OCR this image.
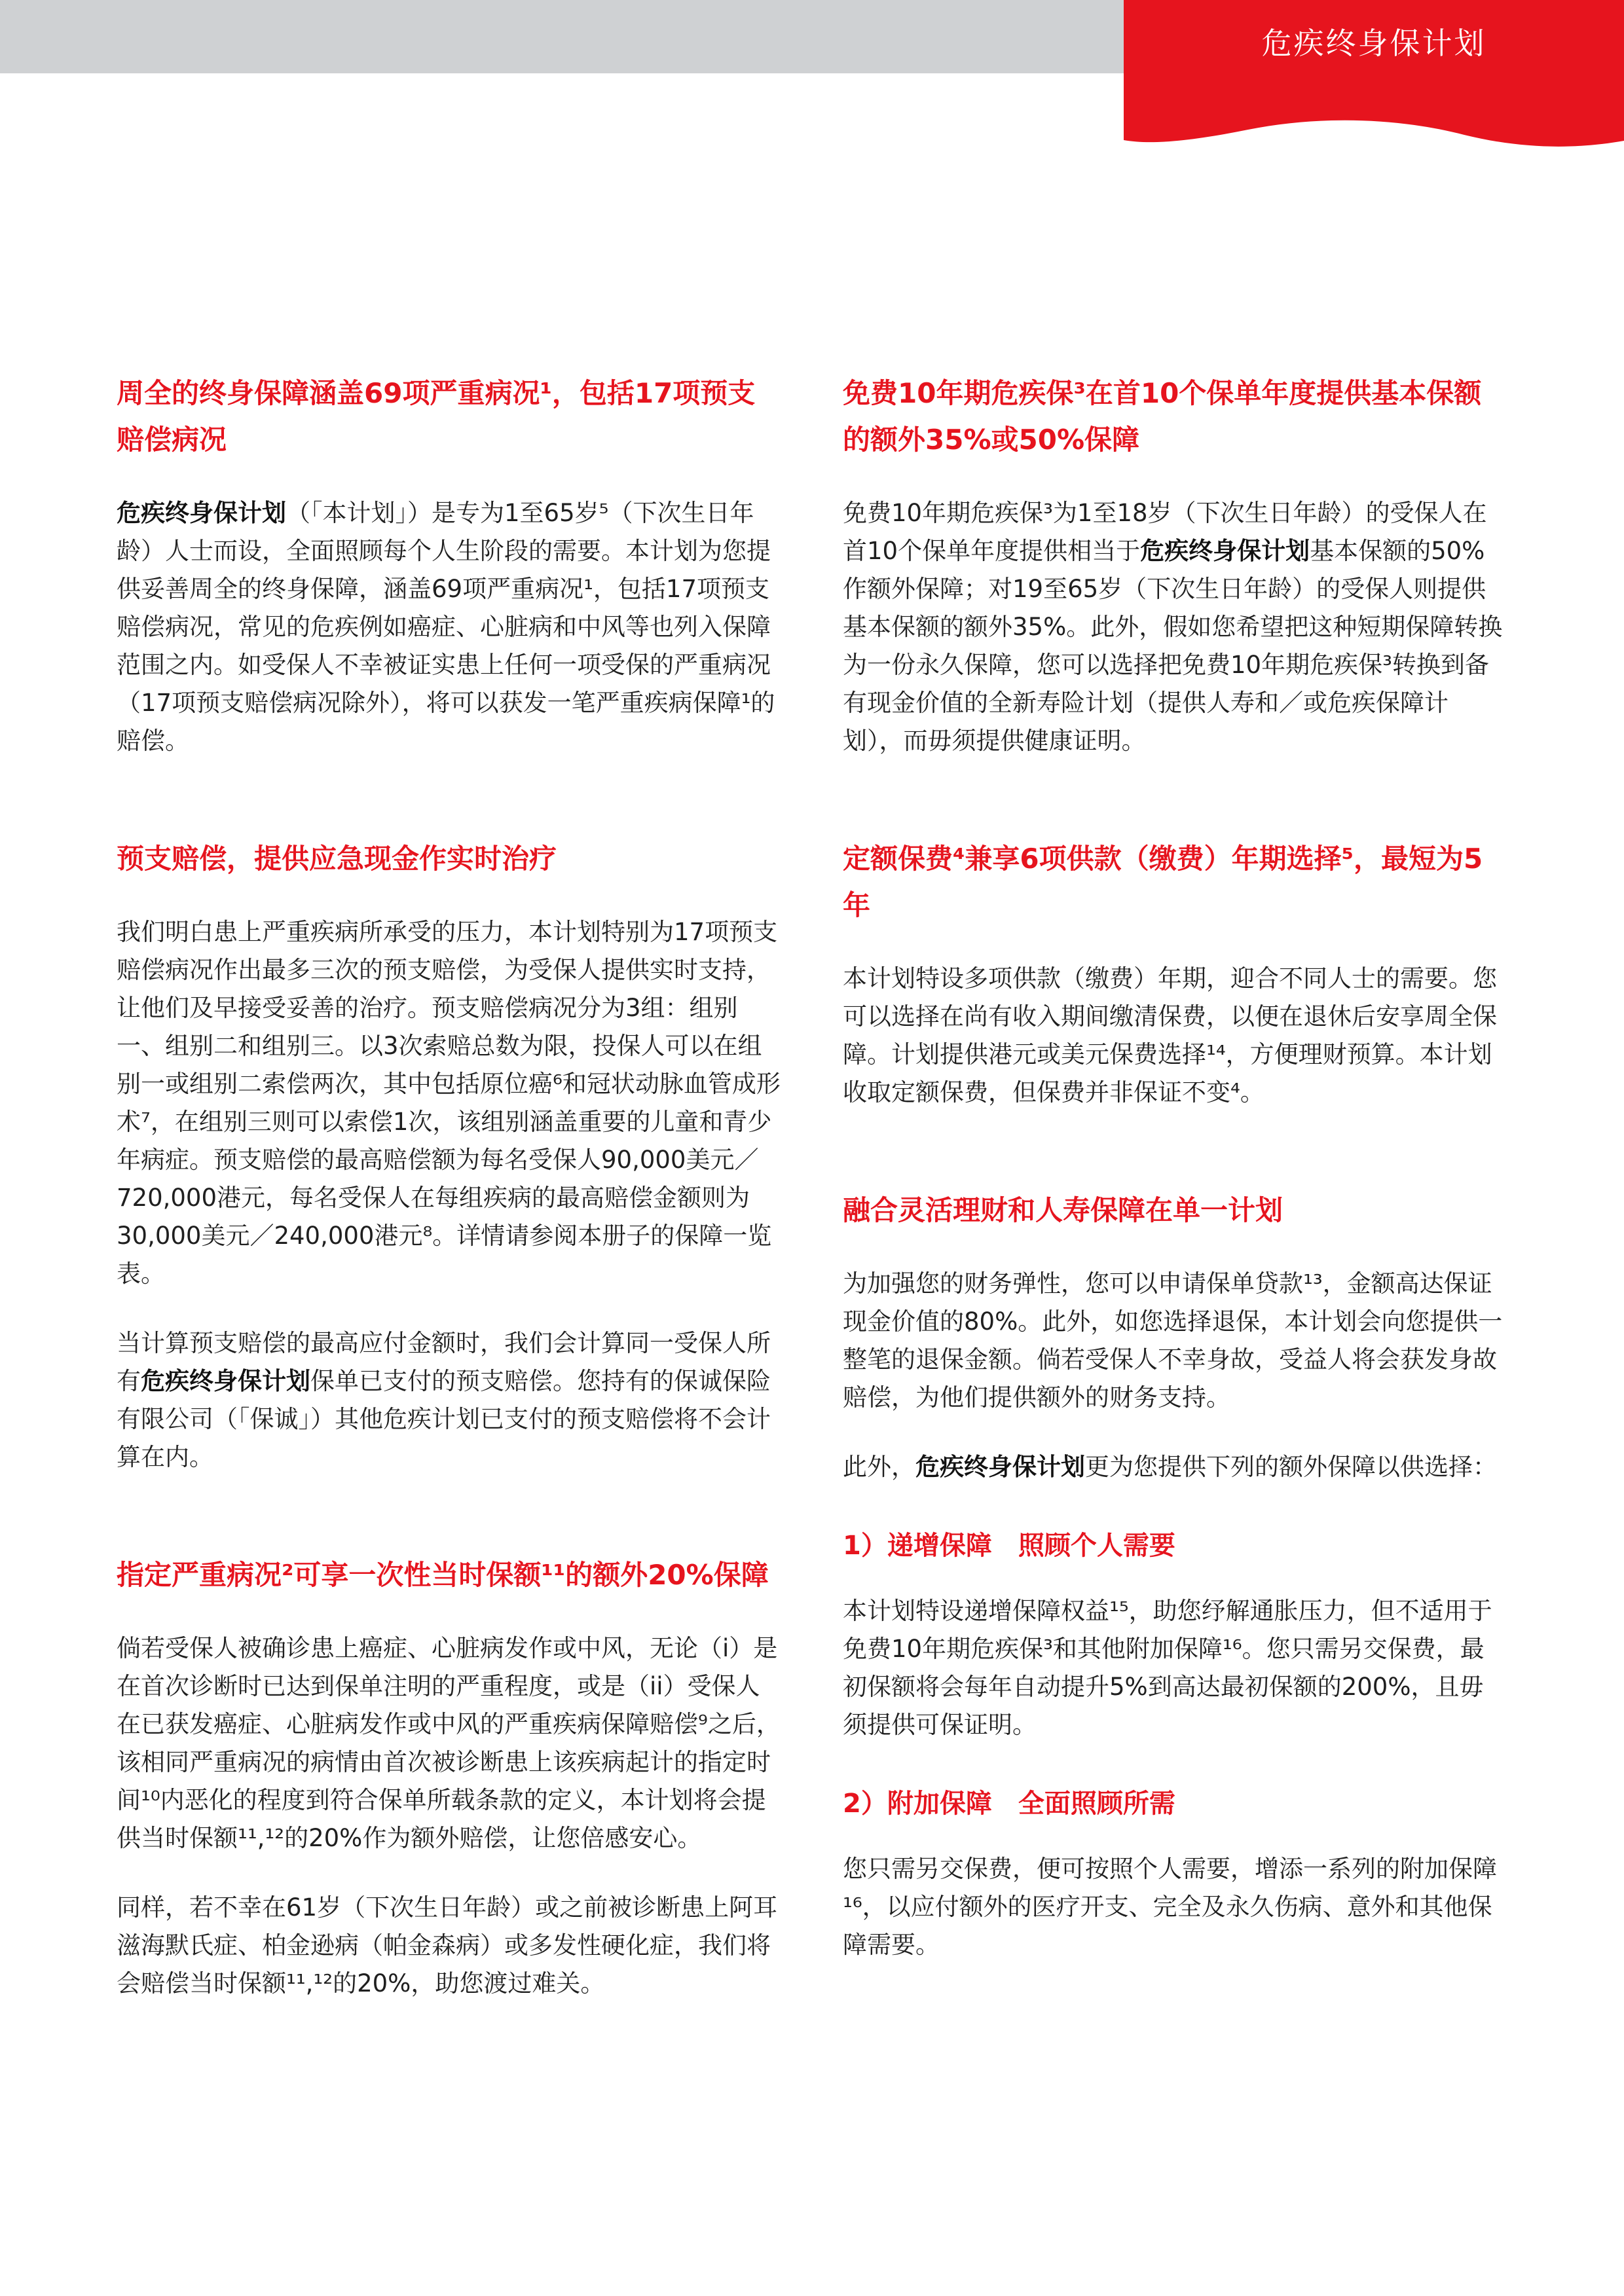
危疾终身保计划
周全的终身保障涵盖69项严重病况¹，包括17项预支赔偿病况

危疾终身保计划（「本计划」）是专为1至65岁⁵（下次生日年龄）人士而设，全面照顾每个人生阶段的需要。本计划为您提供妥善周全的终身保障，涵盖69项严重病况¹，包括17项预支赔偿病况，常见的危疾例如癌症、心脏病和中风等也列入保障范围之内。如受保人不幸被证实患上任何一项受保的严重病况（17项预支赔偿病况除外），将可以获发一笔严重疾病保障¹的赔偿。

预支赔偿，提供应急现金作实时治疗

我们明白患上严重疾病所承受的压力，本计划特别为17项预支赔偿病况作出最多三次的预支赔偿，为受保人提供实时支持，让他们及早接受妥善的治疗。预支赔偿病况分为3组：组别一、组别二和组别三。以3次索赔总数为限，投保人可以在组别一或组别二索偿两次，其中包括原位癌⁶和冠状动脉血管成形术⁷，在组别三则可以索偿1次，该组别涵盖重要的儿童和青少年病症。预支赔偿的最高赔偿额为每名受保人90,000美元／720,000港元，每名受保人在每组疾病的最高赔偿金额则为30,000美元／240,000港元⁸。详情请参阅本册子的保障一览表。

当计算预支赔偿的最高应付金额时，我们会计算同一受保人所有危疾终身保计划保单已支付的预支赔偿。您持有的保诚保险有限公司（「保诚」）其他危疾计划已支付的预支赔偿将不会计算在内。

指定严重病况²可享一次性当时保额¹¹的额外20%保障

倘若受保人被确诊患上癌症、心脏病发作或中风，无论（i）是在首次诊断时已达到保单注明的严重程度，或是（ii）受保人在已获发癌症、心脏病发作或中风的严重疾病保障赔偿⁹之后，该相同严重病况的病情由首次被诊断患上该疾病起计的指定时间¹⁰内恶化的程度到符合保单所载条款的定义，本计划将会提供当时保额¹¹,¹²的20%作为额外赔偿，让您倍感安心。

同样，若不幸在61岁（下次生日年龄）或之前被诊断患上阿耳滋海默氏症、柏金逊病（帕金森病）或多发性硬化症，我们将会赔偿当时保额¹¹,¹²的20%，助您渡过难关。

免费10年期危疾保³在首10个保单年度提供基本保额的额外35%或50%保障

免费10年期危疾保³为1至18岁（下次生日年龄）的受保人在首10个保单年度提供相当于危疾终身保计划基本保额的50%作额外保障；对19至65岁（下次生日年龄）的受保人则提供基本保额的额外35%。此外，假如您希望把这种短期保障转换为一份永久保障，您可以选择把免费10年期危疾保³转换到备有现金价值的全新寿险计划（提供人寿和／或危疾保障计划），而毋须提供健康证明。

定额保费⁴兼享6项供款（缴费）年期选择⁵，最短为5年

本计划特设多项供款（缴费）年期，迎合不同人士的需要。您可以选择在尚有收入期间缴清保费，以便在退休后安享周全保障。计划提供港元或美元保费选择¹⁴，方便理财预算。本计划收取定额保费，但保费并非保证不变⁴。

融合灵活理财和人寿保障在单一计划

为加强您的财务弹性，您可以申请保单贷款¹³，金额高达保证现金价值的80%。此外，如您选择退保，本计划会向您提供一整笔的退保金额。倘若受保人不幸身故，受益人将会获发身故赔偿，为他们提供额外的财务支持。

此外，危疾终身保计划更为您提供下列的额外保障以供选择：

1）递增保障　照顾个人需要

本计划特设递增保障权益¹⁵，助您纾解通胀压力，但不适用于免费10年期危疾保³和其他附加保障¹⁶。您只需另交保费，最初保额将会每年自动提升5%到高达最初保额的200%，且毋须提供可保证明。

2）附加保障　全面照顾所需

您只需另交保费，便可按照个人需要，增添一系列的附加保障¹⁶，以应付额外的医疗开支、完全及永久伤病、意外和其他保障需要。
